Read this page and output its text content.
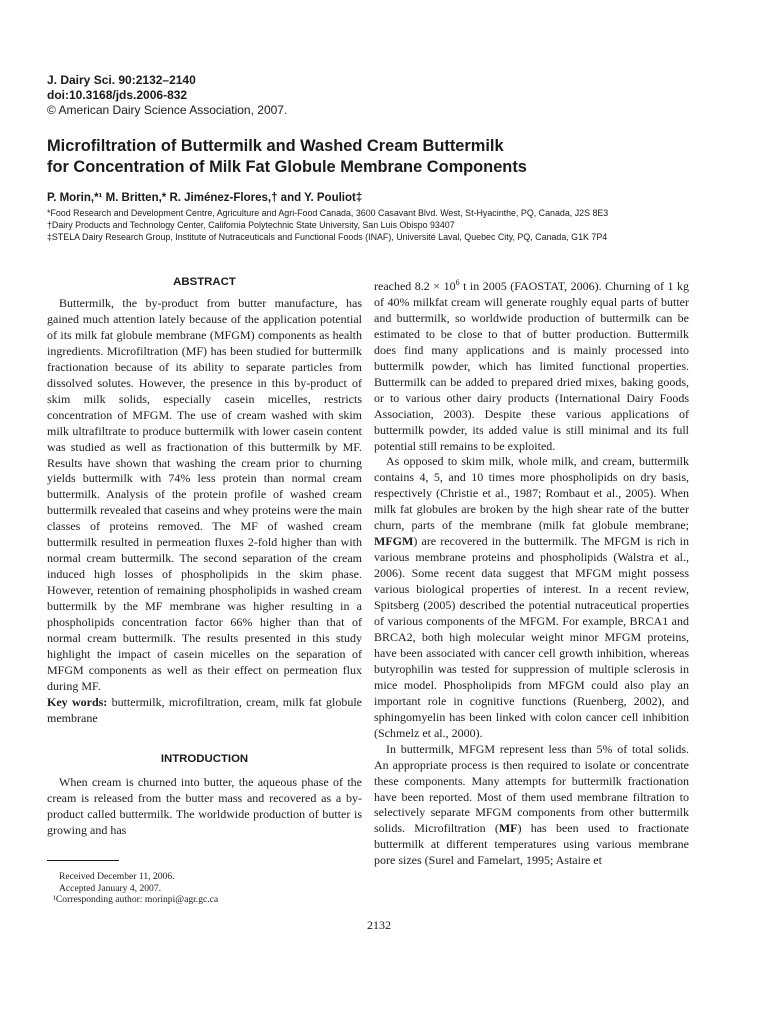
J. Dairy Sci. 90:2132–2140
doi:10.3168/jds.2006-832
© American Dairy Science Association, 2007.
Microfiltration of Buttermilk and Washed Cream Buttermilk
for Concentration of Milk Fat Globule Membrane Components
P. Morin,*¹ M. Britten,* R. Jiménez-Flores,† and Y. Pouliot‡
*Food Research and Development Centre, Agriculture and Agri-Food Canada, 3600 Casavant Blvd. West, St-Hyacinthe, PQ, Canada, J2S 8E3
†Dairy Products and Technology Center, California Polytechnic State University, San Luis Obispo 93407
‡STELA Dairy Research Group, Institute of Nutraceuticals and Functional Foods (INAF), Université Laval, Quebec City, PQ, Canada, G1K 7P4
ABSTRACT

Buttermilk, the by-product from butter manufacture, has gained much attention lately because of the application potential of its milk fat globule membrane (MFGM) components as health ingredients. Microfiltration (MF) has been studied for buttermilk fractionation because of its ability to separate particles from dissolved solutes. However, the presence in this by-product of skim milk solids, especially casein micelles, restricts concentration of MFGM. The use of cream washed with skim milk ultrafiltrate to produce buttermilk with lower casein content was studied as well as fractionation of this buttermilk by MF. Results have shown that washing the cream prior to churning yields buttermilk with 74% less protein than normal cream buttermilk. Analysis of the protein profile of washed cream buttermilk revealed that caseins and whey proteins were the main classes of proteins removed. The MF of washed cream buttermilk resulted in permeation fluxes 2-fold higher than with normal cream buttermilk. The second separation of the cream induced high losses of phospholipids in the skim phase. However, retention of remaining phospholipids in washed cream buttermilk by the MF membrane was higher resulting in a phospholipids concentration factor 66% higher than that of normal cream buttermilk. The results presented in this study highlight the impact of casein micelles on the separation of MFGM components as well as their effect on permeation flux during MF.

Key words: buttermilk, microfiltration, cream, milk fat globule membrane

INTRODUCTION

When cream is churned into butter, the aqueous phase of the cream is released from the butter mass and recovered as a by-product called buttermilk. The worldwide production of butter is growing and has

Received December 11, 2006.
Accepted January 4, 2007.
¹Corresponding author: morinpi@agr.gc.ca

reached $8.2 \times 10^6$ t in 2005 (FAOSTAT, 2006). Churning of 1 kg of 40% milkfat cream will generate roughly equal parts of butter and buttermilk, so worldwide production of buttermilk can be estimated to be close to that of butter production. Buttermilk does find many applications and is mainly processed into buttermilk powder, which has limited functional properties. Buttermilk can be added to prepared dried mixes, baking goods, or to various other dairy products (International Dairy Foods Association, 2003). Despite these various applications of buttermilk powder, its added value is still minimal and its full potential still remains to be exploited.

As opposed to skim milk, whole milk, and cream, buttermilk contains 4, 5, and 10 times more phospholipids on dry basis, respectively (Christie et al., 1987; Rombaut et al., 2005). When milk fat globules are broken by the high shear rate of the butter churn, parts of the membrane (milk fat globule membrane; MFGM) are recovered in the buttermilk. The MFGM is rich in various membrane proteins and phospholipids (Walstra et al., 2006). Some recent data suggest that MFGM might possess various biological properties of interest. In a recent review, Spitsberg (2005) described the potential nutraceutical properties of various components of the MFGM. For example, BRCA1 and BRCA2, both high molecular weight minor MFGM proteins, have been associated with cancer cell growth inhibition, whereas butyrophilin was tested for suppression of multiple sclerosis in mice model. Phospholipids from MFGM could also play an important role in cognitive functions (Ruenberg, 2002), and sphingomyelin has been linked with colon cancer cell inhibition (Schmelz et al., 2000).

In buttermilk, MFGM represent less than 5% of total solids. An appropriate process is then required to isolate or concentrate these components. Many attempts for buttermilk fractionation have been reported. Most of them used membrane filtration to selectively separate MFGM components from other buttermilk solids. Microfiltration (MF) has been used to fractionate buttermilk at different temperatures using various membrane pore sizes (Surel and Famelart, 1995; Astaire et

2132
